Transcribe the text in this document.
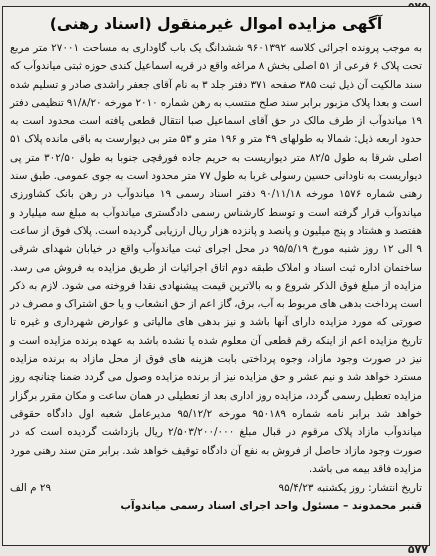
آگهی مزایده اموال غیرمنقول (اسناد رهنی)

به موجب پرونده اجرائی کلاسه ۹۶۰۱۳۹۲ ششدانگ یک باب گاوداری به مساحت ۲۷۰۰۱ متر مربع تحت پلاک ۶ فرعی از ۵۱ اصلی بخش ۸ مراغه واقع در قریه اسماعیل کندی حوزه ثبتی میاندوآب که سند مالکیت آن ذیل ثبت ۳۸۵ صفحه ۳۷۱ دفتر جلد ۳ به نام آقای جعفر راشدی صادر و تسلیم شده است و بعدا پلاک مزبور برابر سند صلح منتسب به رهن شماره ۲۰۱۰ مورخه ۹۱/۸/۲۰ تنظیمی دفتر ۱۹ میاندوآب از طرف مالک در حق آقای اسماعیل صبا انتقال قطعی یافته است محدود است به حدود اربعه ذیل: شمالا به طولهای ۴۹ متر و ۱۹۶ متر و ۵۳ متر بی دیوارست به باقی مانده پلاک ۵۱ اصلی شرقا به طول ۸۲/۵ متر دیواریست به حریم جاده فورقچی جنوبا به طول ۳۰۲/۵۰ متر پی دیواریست به ناودانی حسین رسولی غربا به طول ۷۷ متر محدود است به جوی عمومی. طبق سند رهنی شماره ۱۵۷۶ مورخه ۹۰/۱۱/۱۸ دفتر اسناد رسمی ۱۹ میاندوآب در رهن بانک کشاورزی میاندوآب قرار گرفته است و توسط کارشناس رسمی دادگستری میاندوآب به مبلغ سه میلیارد و هفتصد و هشتاد و پنج میلیون و پانصد و پانزده هزار ریال ارزیابی گردیده است. پلاک فوق از ساعت ۹ الی ۱۲ روز شنبه مورخ ۹۵/۵/۱۹ در محل اجرای ثبت میاندوآب واقع در خیابان شهدای شرقی ساختمان اداره ثبت اسناد و املاک طبقه دوم اتاق اجرائیات از طریق مزایده به فروش می رسد. مزایده از مبلغ فوق الذکر شروع و به بالاترین قیمت پیشنهادی نقدا فروخته می شود. لازم به ذکر است پرداخت بدهی های مربوط به آب، برق، گاز اعم از حق انشعاب و یا حق اشتراک و مصرف در صورتی که مورد مزایده دارای آنها باشد و نیز بدهی های مالیاتی و عوارض شهرداری و غیره تا تاریخ مزایده اعم از اینکه رقم قطعی آن معلوم شده یا نشده باشد به عهده برنده مزایده است و نیز در صورت وجود مازاد، وجوه پرداختی بابت هزینه های فوق از محل مازاد به برنده مزایده مسترد خواهد شد و نیم عشر و حق مزایده نیز از برنده مزایده وصول می گردد ضمنا چنانچه روز مزایده تعطیل رسمی گردد، مزایده روز اداری بعد از تعطیلی در همان ساعت و مکان مقرر برگزار خواهد شد برابر نامه شماره ۹۵۰۱۸۹ مورخه ۹۵/۱۲/۲ مدیرعامل شعبه اول دادگاه حقوقی میاندوآب مازاد پلاک مرقوم در قبال مبلغ ۲/۵۰۳/۲۰۰/۰۰۰ ریال بازداشت گردیده است که در صورت وجود مازاد حاصل از فروش به نفع آن دادگاه توقیف خواهد شد. برابر متن سند رهنی مورد مزایده فاقد بیمه می باشد.

تاریخ انتشار: روز یکشنبه ۹۵/۴/۲۳
۲۹ م الف
قنبر محمدوند – مسئول واحد اجرای اسناد رسمی میاندوآب
۵۷۷
